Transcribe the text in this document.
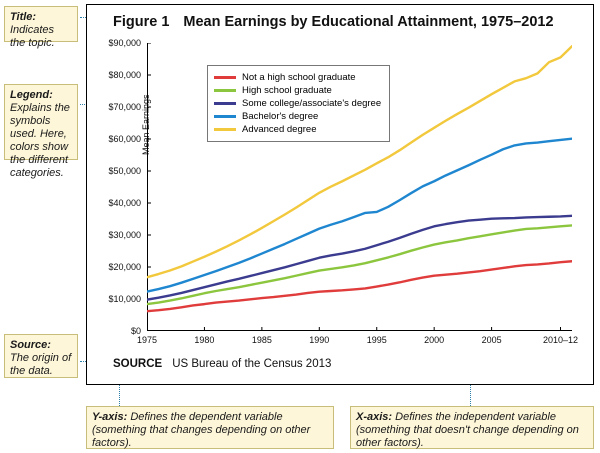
Title: Indicates the topic.
Legend: Explains the symbols used. Here, colors show the different categories.
Source: The origin of the data.
Y-axis: Defines the dependent variable (something that changes depending on other factors).
X-axis: Defines the independent variable (something that doesn't change depending on other factors).
Figure 1 Mean Earnings by Educational Attainment, 1975–2012
Mean Earnings
$0
$10,000
$20,000
$30,000
$40,000
$50,000
$60,000
$70,000
$80,000
$90,000
1975	1980	1985	1990	1995	2000	2005	2010–12
Not a high school graduate
High school graduate
Some college/associate's degree
Bachelor's degree
Advanced degree
SOURCE US Bureau of the Census 2013
